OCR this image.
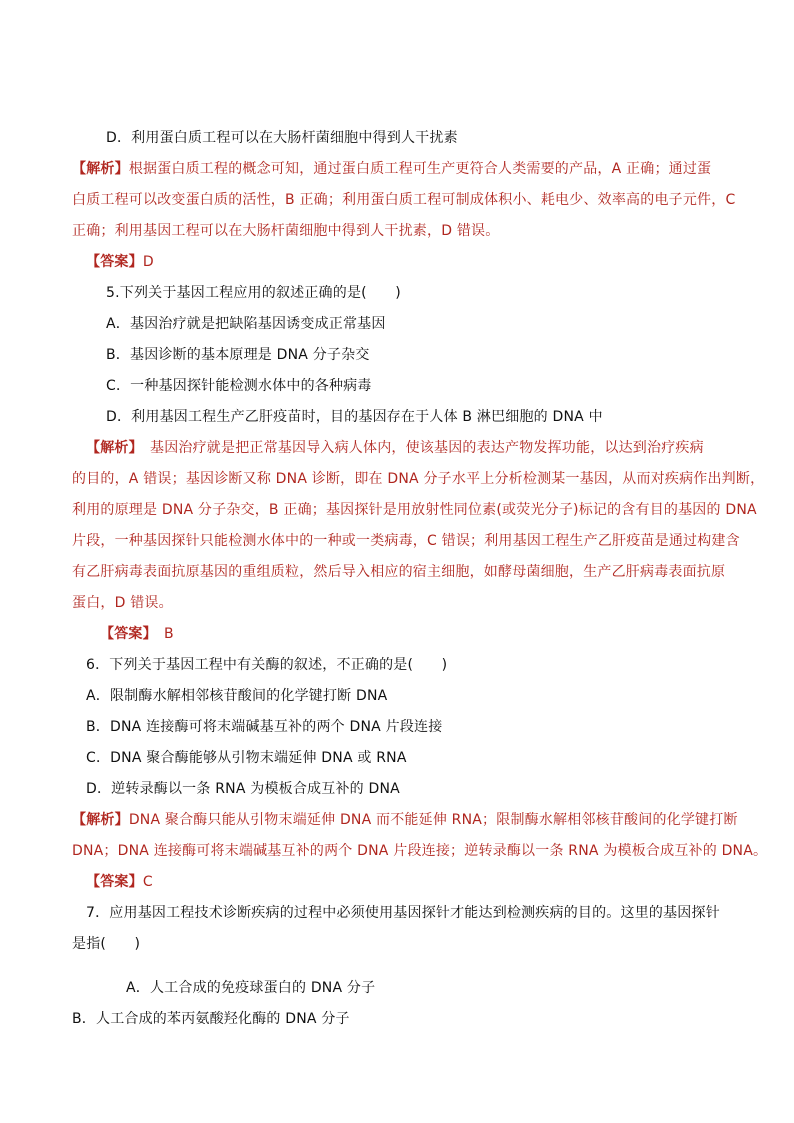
D．利用蛋白质工程可以在大肠杆菌细胞中得到人干扰素
【解析】根据蛋白质工程的概念可知，通过蛋白质工程可生产更符合人类需要的产品，A 正确；通过蛋
白质工程可以改变蛋白质的活性，B 正确；利用蛋白质工程可制成体积小、耗电少、效率高的电子元件，C
正确；利用基因工程可以在大肠杆菌细胞中得到人干扰素，D 错误。
【答案】D
5.下列关于基因工程应用的叙述正确的是(　　)
A．基因治疗就是把缺陷基因诱变成正常基因
B．基因诊断的基本原理是 DNA 分子杂交
C．一种基因探针能检测水体中的各种病毒
D．利用基因工程生产乙肝疫苗时，目的基因存在于人体 B 淋巴细胞的 DNA 中
【解析】　基因治疗就是把正常基因导入病人体内，使该基因的表达产物发挥功能，以达到治疗疾病
的目的，A 错误；基因诊断又称 DNA 诊断，即在 DNA 分子水平上分析检测某一基因，从而对疾病作出判断，
利用的原理是 DNA 分子杂交，B 正确；基因探针是用放射性同位素(或荧光分子)标记的含有目的基因的 DNA
片段，一种基因探针只能检测水体中的一种或一类病毒，C 错误；利用基因工程生产乙肝疫苗是通过构建含
有乙肝病毒表面抗原基因的重组质粒，然后导入相应的宿主细胞，如酵母菌细胞，生产乙肝病毒表面抗原
蛋白，D 错误。
【答案】　B
6．下列关于基因工程中有关酶的叙述，不正确的是(　　)
A．限制酶水解相邻核苷酸间的化学键打断 DNA
B．DNA 连接酶可将末端碱基互补的两个 DNA 片段连接
C．DNA 聚合酶能够从引物末端延伸 DNA 或 RNA
D．逆转录酶以一条 RNA 为模板合成互补的 DNA
【解析】DNA 聚合酶只能从引物末端延伸 DNA 而不能延伸 RNA；限制酶水解相邻核苷酸间的化学键打断
DNA；DNA 连接酶可将末端碱基互补的两个 DNA 片段连接；逆转录酶以一条 RNA 为模板合成互补的 DNA。
【答案】C
7．应用基因工程技术诊断疾病的过程中必须使用基因探针才能达到检测疾病的目的。这里的基因探针
是指(　　)
A．人工合成的免疫球蛋白的 DNA 分子
B．人工合成的苯丙氨酸羟化酶的 DNA 分子
